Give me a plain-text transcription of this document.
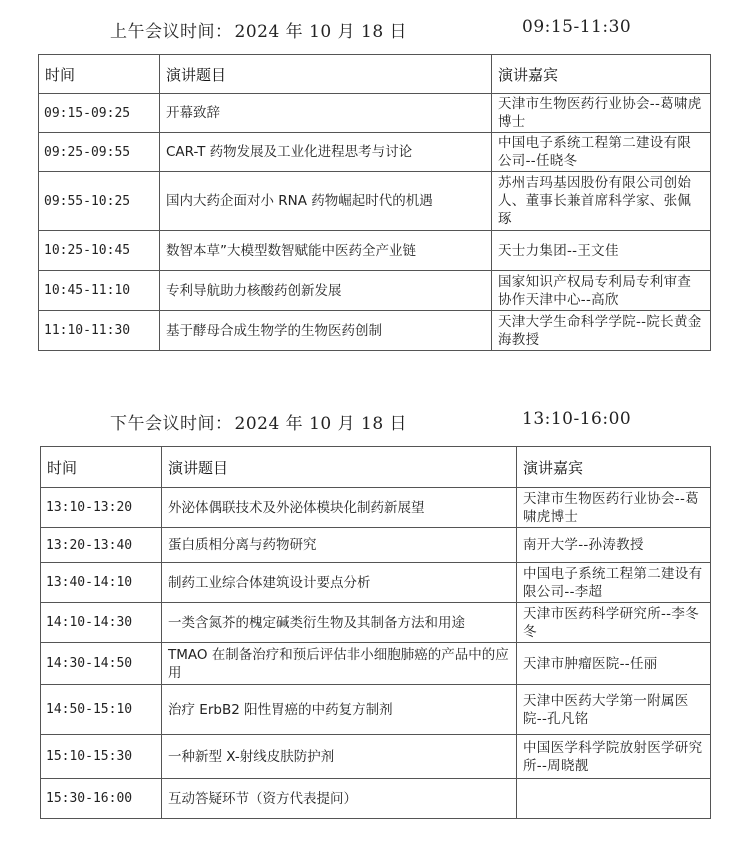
上午会议时间： 2024 年 10 月 18 日	09:15-11:30
时间	演讲题目	演讲嘉宾
09:15-09:25	开幕致辞	天津市生物医药行业协会--葛啸虎博士
09:25-09:55	CAR-T 药物发展及工业化进程思考与讨论	中国电子系统工程第二建设有限公司--任晓冬
09:55-10:25	国内大药企面对小 RNA 药物崛起时代的机遇	苏州吉玛基因股份有限公司创始人、董事长兼首席科学家、张佩琢
10:25-10:45	数智本草”大模型数智赋能中医药全产业链	天士力集团--王文佳
10:45-11:10	专利导航助力核酸药创新发展	国家知识产权局专利局专利审查协作天津中心--高欣
11:10-11:30	基于酵母合成生物学的生物医药创制	天津大学生命科学学院--院长黄金海教授
下午会议时间： 2024 年 10 月 18 日	13:10-16:00
时间	演讲题目	演讲嘉宾
13:10-13:20	外泌体偶联技术及外泌体模块化制药新展望	天津市生物医药行业协会--葛啸虎博士
13:20-13:40	蛋白质相分离与药物研究	南开大学--孙涛教授
13:40-14:10	制药工业综合体建筑设计要点分析	中国电子系统工程第二建设有限公司--李超
14:10-14:30	一类含氮芥的槐定碱类衍生物及其制备方法和用途	天津市医药科学研究所--李冬冬
14:30-14:50	TMAO 在制备治疗和预后评估非小细胞肺癌的产品中的应用	天津市肿瘤医院--任丽
14:50-15:10	治疗 ErbB2 阳性胃癌的中药复方制剂	天津中医药大学第一附属医院--孔凡铭
15:10-15:30	一种新型 X-射线皮肤防护剂	中国医学科学院放射医学研究所--周晓靓
15:30-16:00	互动答疑环节（资方代表提问）	
